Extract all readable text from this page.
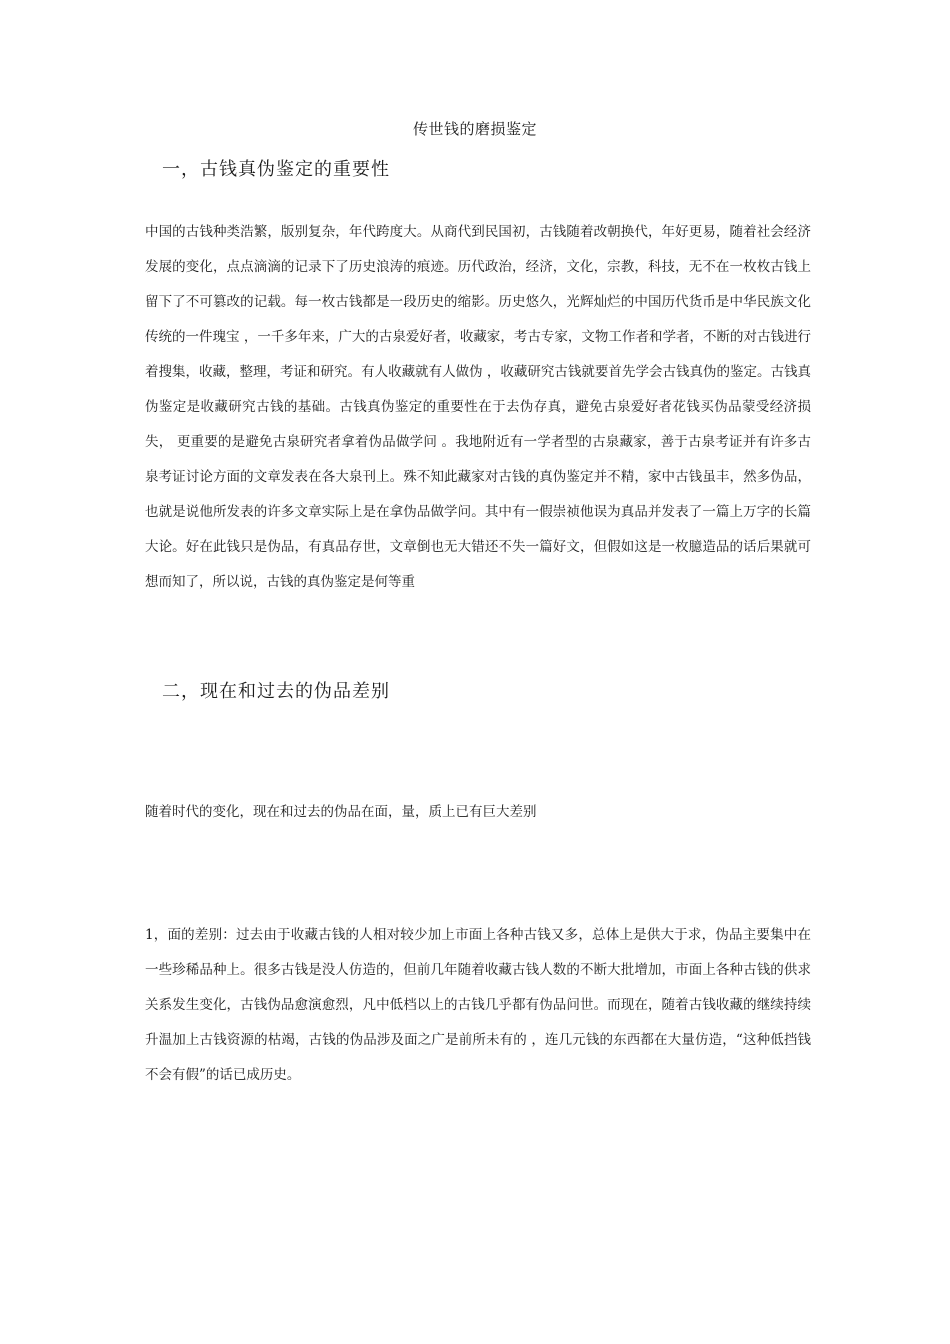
传世钱的磨损鉴定
一，古钱真伪鉴定的重要性

中国的古钱种类浩繁，版别复杂，年代跨度大。从商代到民国初，古钱随着改朝换代，年好更易，随着社会经济发展的变化，点点滴滴的记录下了历史浪涛的痕迹。历代政治，经济，文化，宗教，科技，无不在一枚枚古钱上留下了不可篡改的记载。每一枚古钱都是一段历史的缩影。历史悠久，光辉灿烂的中国历代货币是中华民族文化传统的一件瑰宝 ，一千多年来，广大的古泉爱好者，收藏家，考古专家，文物工作者和学者，不断的对古钱进行着搜集，收藏，整理，考证和研究。有人收藏就有人做伪 ，收藏研究古钱就要首先学会古钱真伪的鉴定。古钱真伪鉴定是收藏研究古钱的基础。古钱真伪鉴定的重要性在于去伪存真，避免古泉爱好者花钱买伪品蒙受经济损失， 更重要的是避免古泉研究者拿着伪品做学问 。我地附近有一学者型的古泉藏家，善于古泉考证并有许多古泉考证讨论方面的文章发表在各大泉刊上。殊不知此藏家对古钱的真伪鉴定并不精，家中古钱虽丰，然多伪品，也就是说他所发表的许多文章实际上是在拿伪品做学问。其中有一假崇祯他误为真品并发表了一篇上万字的长篇大论。好在此钱只是伪品，有真品存世，文章倒也无大错还不失一篇好文，但假如这是一枚臆造品的话后果就可想而知了，所以说，古钱的真伪鉴定是何等重

二，现在和过去的伪品差别

随着时代的变化，现在和过去的伪品在面，量，质上已有巨大差别

1，面的差别：过去由于收藏古钱的人相对较少加上市面上各种古钱又多，总体上是供大于求，伪品主要集中在一些珍稀品种上。很多古钱是没人仿造的，但前几年随着收藏古钱人数的不断大批增加，市面上各种古钱的供求关系发生变化，古钱伪品愈演愈烈，凡中低档以上的古钱几乎都有伪品问世。而现在，随着古钱收藏的继续持续升温加上古钱资源的枯竭，古钱的伪品涉及面之广是前所未有的 ，连几元钱的东西都在大量仿造，“这种低挡钱不会有假”的话已成历史。
